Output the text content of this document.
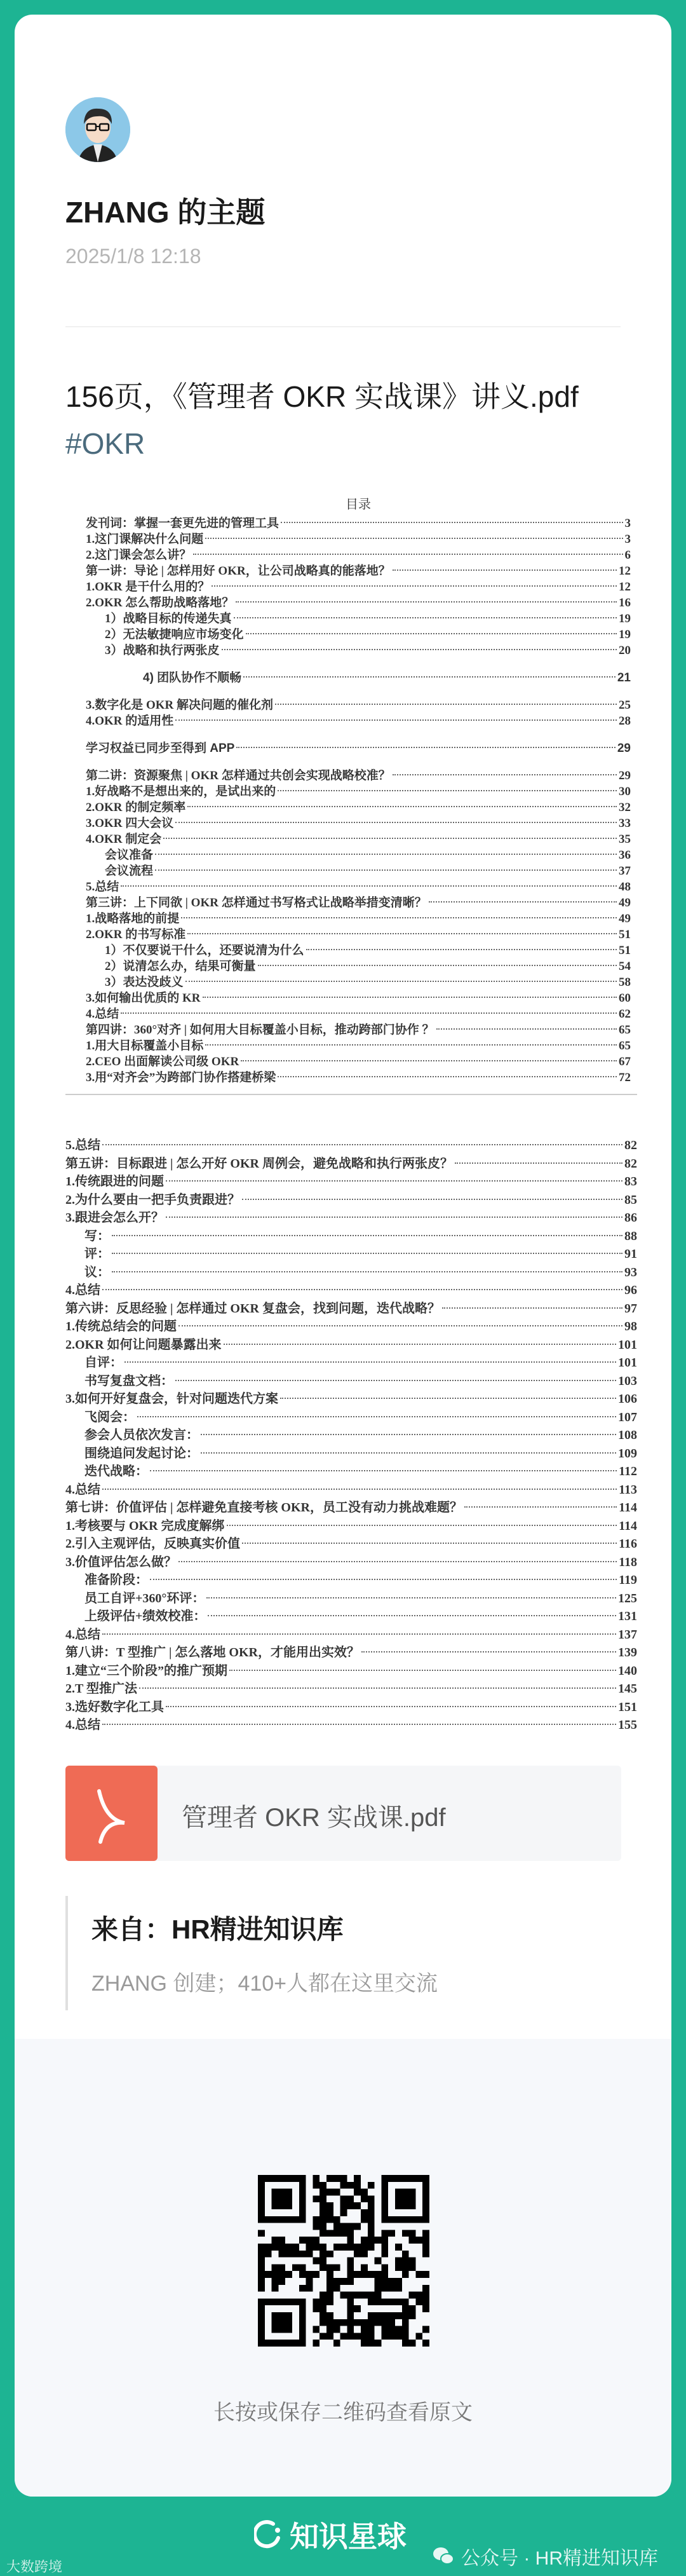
ZHANG 的主题
2025/1/8 12:18
156页，《管理者 OKR 实战课》讲义.pdf
#OKR
目录
发刊词：掌握一套更先进的管理工具	3
1.这门课解决什么问题	3
2.这门课会怎么讲？	6
第一讲：导论 | 怎样用好 OKR，让公司战略真的能落地？	12
1.OKR 是干什么用的？	12
2.OKR 怎么帮助战略落地？	16
1）战略目标的传递失真	19
2）无法敏捷响应市场变化	19
3）战略和执行两张皮	20
4) 团队协作不顺畅	21
3.数字化是 OKR 解决问题的催化剂	25
4.OKR 的适用性	28
学习权益已同步至得到 APP	29
第二讲：资源聚焦 | OKR 怎样通过共创会实现战略校准？	29
1.好战略不是想出来的，是试出来的	30
2.OKR 的制定频率	32
3.OKR 四大会议	33
4.OKR 制定会	35
会议准备	36
会议流程	37
5.总结	48
第三讲：上下同欲 | OKR 怎样通过书写格式让战略举措变清晰？	49
1.战略落地的前提	49
2.OKR 的书写标准	51
1）不仅要说干什么，还要说清为什么	51
2）说清怎么办，结果可衡量	54
3）表达没歧义	58
3.如何输出优质的 KR	60
4.总结	62
第四讲：360°对齐 | 如何用大目标覆盖小目标，推动跨部门协作 ？	65
1.用大目标覆盖小目标	65
2.CEO 出面解读公司级 OKR	67
3.用“对齐会”为跨部门协作搭建桥梁	72
5.总结	82
第五讲：目标跟进 | 怎么开好 OKR 周例会，避免战略和执行两张皮？	82
1.传统跟进的问题	83
2.为什么要由一把手负责跟进？	85
3.跟进会怎么开？	86
写：	88
评：	91
议：	93
4.总结	96
第六讲：反思经验 | 怎样通过 OKR 复盘会，找到问题，迭代战略？	97
1.传统总结会的问题	98
2.OKR 如何让问题暴露出来	101
自评：	101
书写复盘文档：	103
3.如何开好复盘会，针对问题迭代方案	106
飞阅会：	107
参会人员依次发言：	108
围绕追问发起讨论：	109
迭代战略：	112
4.总结	113
第七讲：价值评估 | 怎样避免直接考核 OKR，员工没有动力挑战难题？	114
1.考核要与 OKR 完成度解绑	114
2.引入主观评估，反映真实价值	116
3.价值评估怎么做？	118
准备阶段：	119
员工自评+360°环评：	125
上级评估+绩效校准：	131
4.总结	137
第八讲：T 型推广 | 怎么落地 OKR，才能用出实效？	139
1.建立“三个阶段”的推广预期	140
2.T 型推广法	145
3.选好数字化工具	151
4.总结	155
管理者 OKR 实战课.pdf
来自：HR精进知识库
ZHANG 创建；410+人都在这里交流
长按或保存二维码查看原文
知识星球
公众号 · HR精进知识库
大数跨境
